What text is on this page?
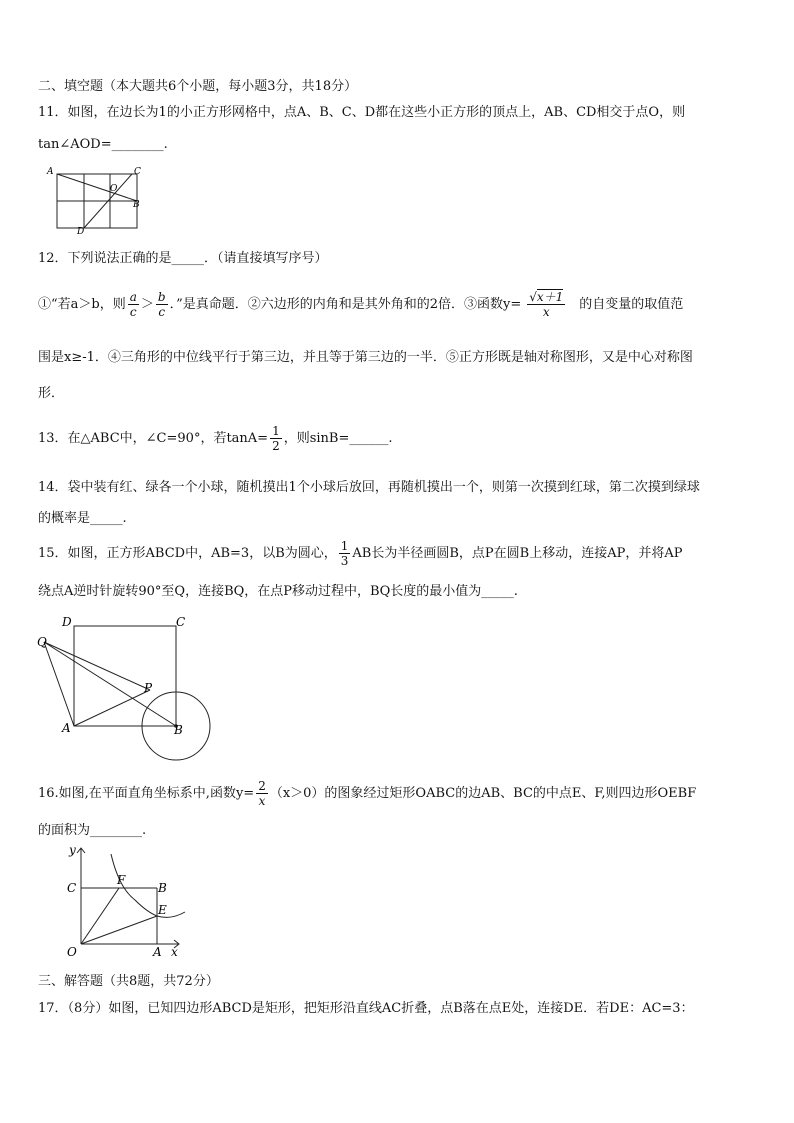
二、填空题（本大题共6个小题，每小题3分，共18分）
11．如图，在边长为1的小正方形网格中，点A、B、C、D都在这些小正方形的顶点上，AB、CD相交于点O，则
tan∠AOD=________.
A	C
O
B
D
12．下列说法正确的是_____．（请直接填写序号）
①“若a＞b，则 $\frac{a}{c} > \frac{b}{c}$ ．”是真命题．②六边形的内角和是其外角和的2倍．③函数$y= \frac{√x+1}{x}$ 的自变量的取值范
围是x≥-1．④三角形的中位线平行于第三边，并且等于第三边的一半．⑤正方形既是轴对称图形，又是中心对称图
形．
13．在△ABC中，∠C=90°，若$\tan A= \frac{1}{2}$ ，则sinB=______.
14．袋中装有红、绿各一个小球，随机摸出1个小球后放回，再随机摸出一个，则第一次摸到红球，第二次摸到绿球
的概率是_____.
15．如图，正方形ABCD中，AB=3，以B为圆心， $\frac{1}{3}$ AB长为半径画圆B，点P在圆B上移动，连接AP，并将AP
绕点A逆时针旋转90°至Q，连接BQ，在点P移动过程中，BQ长度的最小值为_____.
D	C
Q
P
A	B
16.如图,在平面直角坐标系中,函数$y= \frac{2}{x} (x>0)$的图象经过矩形OABC的边AB、BC的中点E、F,则四边形OEBF
的面积为________.
y
C
F
B
E
O	A x
三、解答题（共8题，共72分）
17．（8分）如图，已知四边形ABCD是矩形，把矩形沿直线AC折叠，点B落在点E处，连接DE．若DE：AC=3：
